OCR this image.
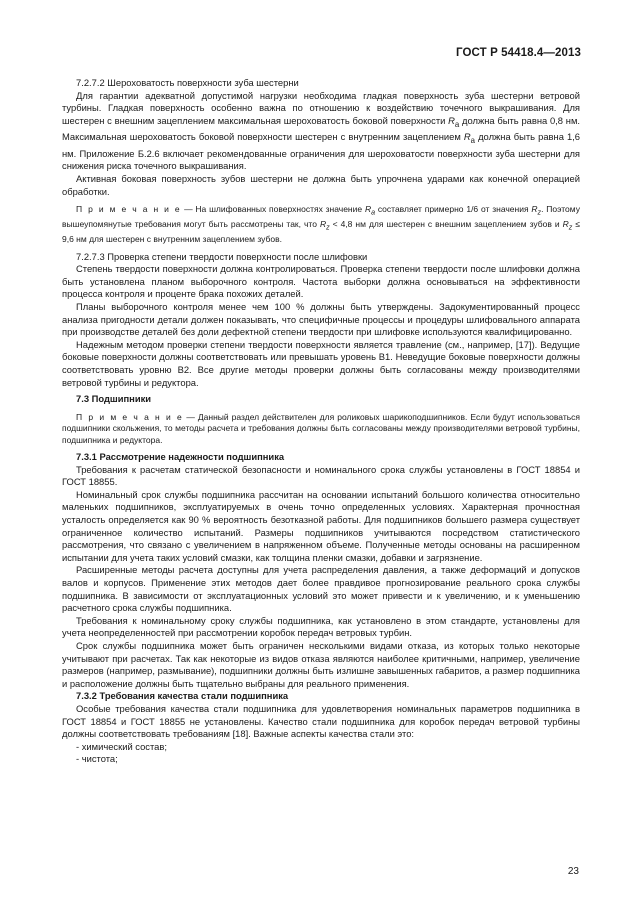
ГОСТ Р 54418.4—2013

7.2.7.2 Шероховатость поверхности зуба шестерни

Для гарантии адекватной допустимой нагрузки необходима гладкая поверхность зуба шестерни ветровой турбины. Гладкая поверхность особенно важна по отношению к воздействию точечного выкрашивания. Для шестерен с внешним зацеплением максимальная шероховатость боковой поверхности $R_a$ должна быть равна 0,8 нм. Максимальная шероховатость боковой поверхности шестерен с внутренним зацеплением $R_a$ должна быть равна 1,6 нм. Приложение Б.2.6 включает рекомендованные ограничения для шероховатости поверхности зуба шестерни для снижения риска точечного выкрашивания.

Активная боковая поверхность зубов шестерни не должна быть упрочнена ударами как конечной операцией обработки.

П р и м е ч а н и е — На шлифованных поверхностях значение $R_a$ составляет примерно 1/6 от значения $R_z$. Поэтому вышеупомянутые требования могут быть рассмотрены так, что $R_z < 4,8$ нм для шестерен с внешним зацеплением зубов и $R_z \le 9,6$ нм для шестерен с внутренним зацеплением зубов.

7.2.7.3 Проверка степени твердости поверхности после шлифовки

Степень твердости поверхности должна контролироваться. Проверка степени твердости после шлифовки должна быть установлена планом выборочного контроля. Частота выборки должна основываться на эффективности процесса контроля и проценте брака похожих деталей.

Планы выборочного контроля менее чем 100 % должны быть утверждены. Задокументированный процесс анализа пригодности детали должен показывать, что специфичные процессы и процедуры шлифовального аппарата при производстве деталей без доли дефектной степени твердости при шлифовке используются квалифицированно.

Надежным методом проверки степени твердости поверхности является травление (см., например, [17]). Ведущие боковые поверхности должны соответствовать или превышать уровень В1. Неведущие боковые поверхности должны соответствовать уровню В2. Все другие методы проверки должны быть согласованы между производителями ветровой турбины и редуктора.

7.3 Подшипники

П р и м е ч а н и е — Данный раздел действителен для роликовых шарикоподшипников. Если будут использоваться подшипники скольжения, то методы расчета и требования должны быть согласованы между производителями ветровой турбины, подшипника и редуктора.

7.3.1 Рассмотрение надежности подшипника

Требования к расчетам статической безопасности и номинального срока службы установлены в ГОСТ 18854 и ГОСТ 18855.

Номинальный срок службы подшипника рассчитан на основании испытаний большого количества относительно маленьких подшипников, эксплуатируемых в очень точно определенных условиях. Характерная прочностная усталость определяется как 90 % вероятность безотказной работы. Для подшипников большего размера существует ограниченное количество испытаний. Размеры подшипников учитываются посредством статистического рассмотрения, что связано с увеличением в напряженном объеме. Полученные методы основаны на расширенном испытании для учета таких условий смазки, как толщина пленки смазки, добавки и загрязнение.

Расширенные методы расчета доступны для учета распределения давления, а также деформаций и допусков валов и корпусов. Применение этих методов дает более правдивое прогнозирование реального срока службы подшипника. В зависимости от эксплуатационных условий это может привести и к увеличению, и к уменьшению расчетного срока службы подшипника.

Требования к номинальному сроку службы подшипника, как установлено в этом стандарте, установлены для учета неопределенностей при рассмотрении коробок передач ветровых турбин.

Срок службы подшипника может быть ограничен несколькими видами отказа, из которых только некоторые учитывают при расчетах. Так как некоторые из видов отказа являются наиболее критичными, например, увеличение размеров (например, размывание), подшипники должны быть излишне завышенных габаритов, а размер подшипника и расположение должны быть тщательно выбраны для реального применения.

7.3.2 Требования качества стали подшипника

Особые требования качества стали подшипника для удовлетворения номинальных параметров подшипника в ГОСТ 18854 и ГОСТ 18855 не установлены. Качество стали подшипника для коробок передач ветровой турбины должны соответствовать требованиям [18]. Важные аспекты качества стали это:

- химический состав;

- чистота;

23
